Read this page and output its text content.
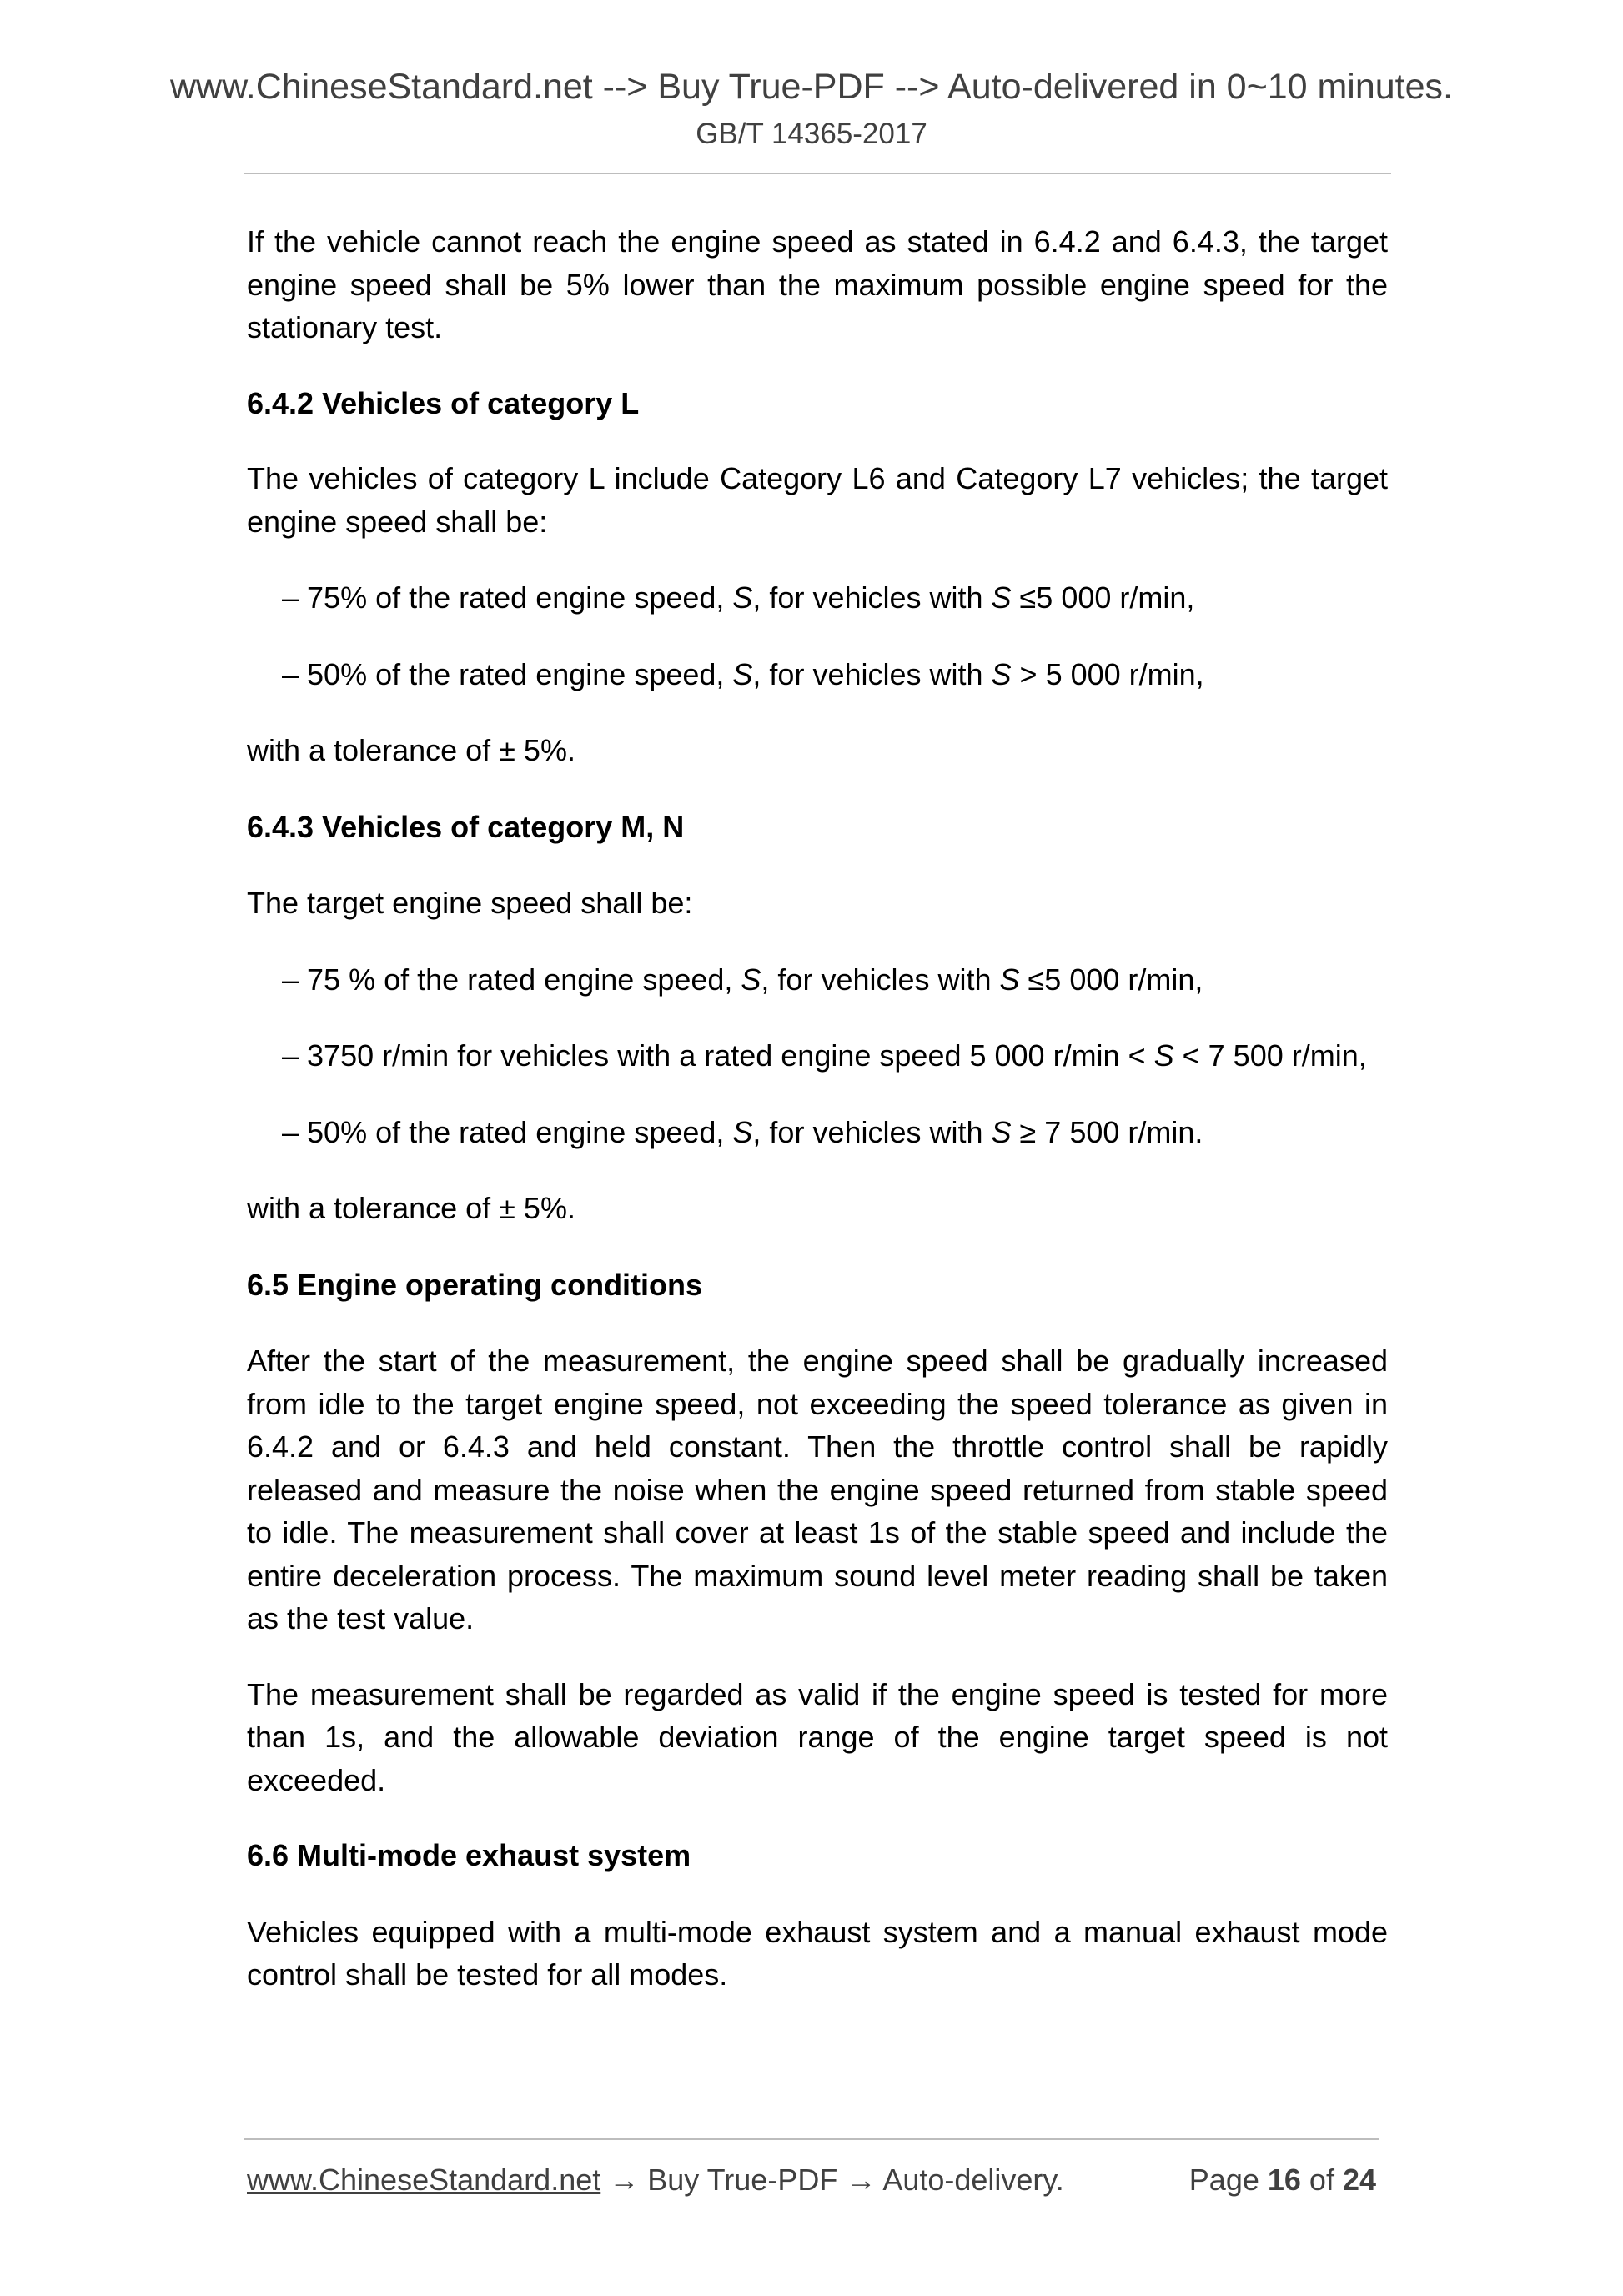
www.ChineseStandard.net --> Buy True-PDF --> Auto-delivered in 0~10 minutes.
GB/T 14365-2017

If the vehicle cannot reach the engine speed as stated in 6.4.2 and 6.4.3, the target engine speed shall be 5% lower than the maximum possible engine speed for the stationary test.

6.4.2 Vehicles of category L

The vehicles of category L include Category L6 and Category L7 vehicles; the target engine speed shall be:

– 75% of the rated engine speed, S, for vehicles with S ≤5 000 r/min,

– 50% of the rated engine speed, S, for vehicles with S > 5 000 r/min,

with a tolerance of ± 5%.

6.4.3 Vehicles of category M, N

The target engine speed shall be:

– 75 % of the rated engine speed, S, for vehicles with S ≤5 000 r/min,

– 3750 r/min for vehicles with a rated engine speed 5 000 r/min < S < 7 500 r/min,

– 50% of the rated engine speed, S, for vehicles with S ≥ 7 500 r/min.

with a tolerance of ± 5%.

6.5 Engine operating conditions

After the start of the measurement, the engine speed shall be gradually increased from idle to the target engine speed, not exceeding the speed tolerance as given in 6.4.2 and or 6.4.3 and held constant. Then the throttle control shall be rapidly released and measure the noise when the engine speed returned from stable speed to idle. The measurement shall cover at least 1s of the stable speed and include the entire deceleration process. The maximum sound level meter reading shall be taken as the test value.

The measurement shall be regarded as valid if the engine speed is tested for more than 1s, and the allowable deviation range of the engine target speed is not exceeded.

6.6 Multi-mode exhaust system

Vehicles equipped with a multi-mode exhaust system and a manual exhaust mode control shall be tested for all modes.

www.ChineseStandard.net → Buy True-PDF → Auto-delivery.	Page 16 of 24
